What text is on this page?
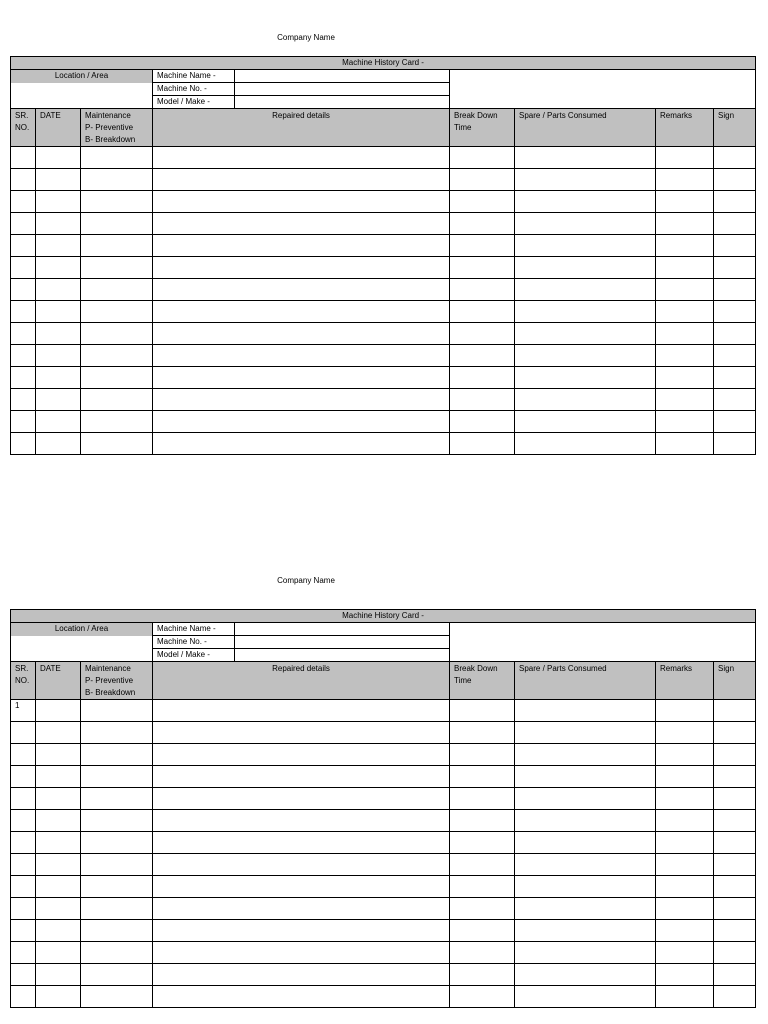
Company Name
Machine History Card -								
Location / Area			Machine Name -					
			Machine No. -					
			Model / Make -					
SR. NO.	DATE	Maintenance
P- Preventive
B- Breakdown	Repaired details		Break Down Time	Spare / Parts Consumed	Remarks	Sign

Company Name
Machine History Card -								
Location / Area			Machine Name -					
			Machine No. -					
			Model / Make -					
SR. NO.	DATE	Maintenance
P- Preventive
B- Breakdown	Repaired details		Break Down Time	Spare / Parts Consumed	Remarks	Sign
1								
